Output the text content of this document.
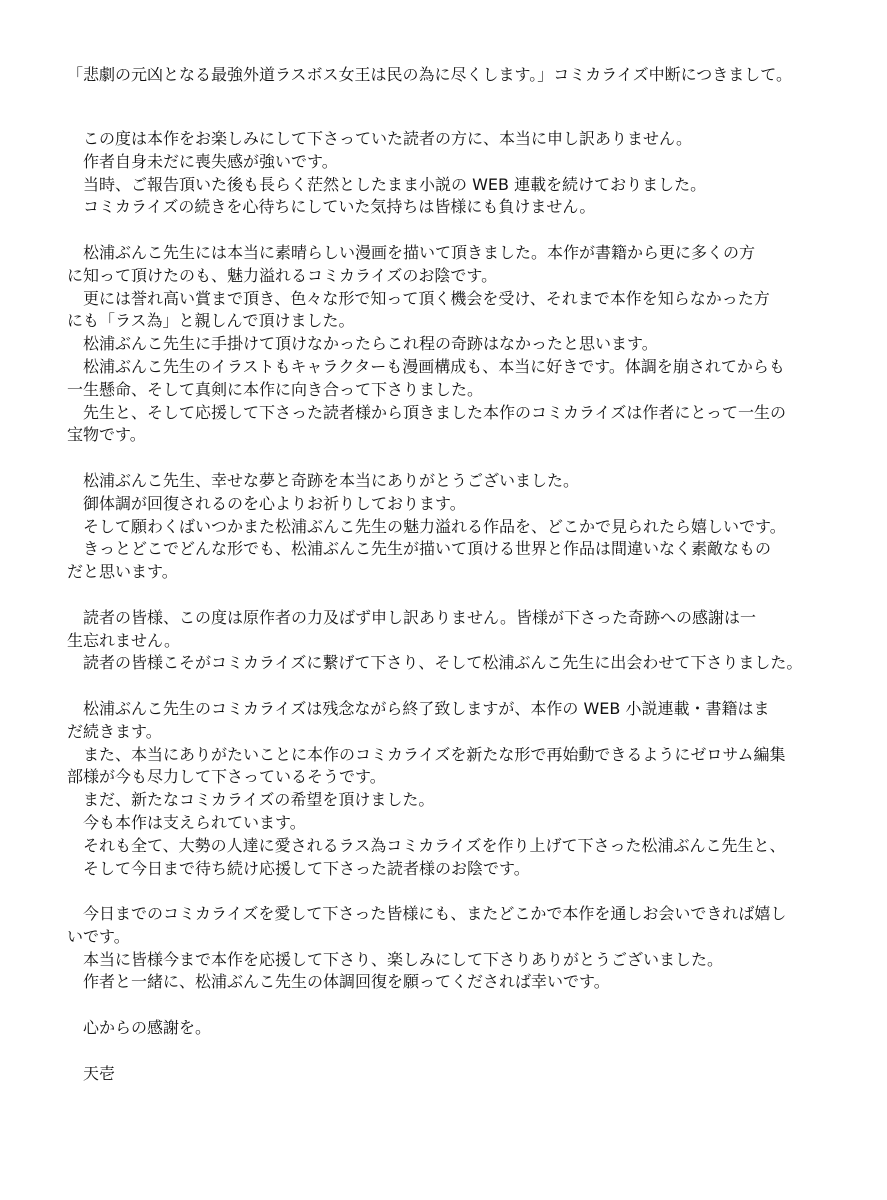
「悲劇の元凶となる最強外道ラスボス女王は民の為に尽くします。」コミカライズ中断につきまして。
　この度は本作をお楽しみにして下さっていた読者の方に、本当に申し訳ありません。
　作者自身未だに喪失感が強いです。
　当時、ご報告頂いた後も長らく茫然としたまま小説の WEB 連載を続けておりました。
　コミカライズの続きを心待ちにしていた気持ちは皆様にも負けません。
　松浦ぶんこ先生には本当に素晴らしい漫画を描いて頂きました。本作が書籍から更に多くの方
に知って頂けたのも、魅力溢れるコミカライズのお陰です。
　更には誉れ高い賞まで頂き、色々な形で知って頂く機会を受け、それまで本作を知らなかった方
にも「ラス為」と親しんで頂けました。
　松浦ぶんこ先生に手掛けて頂けなかったらこれ程の奇跡はなかったと思います。
　松浦ぶんこ先生のイラストもキャラクターも漫画構成も、本当に好きです。体調を崩されてからも
一生懸命、そして真剣に本作に向き合って下さりました。
　先生と、そして応援して下さった読者様から頂きました本作のコミカライズは作者にとって一生の
宝物です。
　松浦ぶんこ先生、幸せな夢と奇跡を本当にありがとうございました。
　御体調が回復されるのを心よりお祈りしております。
　そして願わくばいつかまた松浦ぶんこ先生の魅力溢れる作品を、どこかで見られたら嬉しいです。
　きっとどこでどんな形でも、松浦ぶんこ先生が描いて頂ける世界と作品は間違いなく素敵なもの
だと思います。
　読者の皆様、この度は原作者の力及ばず申し訳ありません。皆様が下さった奇跡への感謝は一
生忘れません。
　読者の皆様こそがコミカライズに繋げて下さり、そして松浦ぶんこ先生に出会わせて下さりました。
　松浦ぶんこ先生のコミカライズは残念ながら終了致しますが、本作の WEB 小説連載・書籍はま
だ続きます。
　また、本当にありがたいことに本作のコミカライズを新たな形で再始動できるようにゼロサム編集
部様が今も尽力して下さっているそうです。
　まだ、新たなコミカライズの希望を頂けました。
　今も本作は支えられています。
　それも全て、大勢の人達に愛されるラス為コミカライズを作り上げて下さった松浦ぶんこ先生と、
　そして今日まで待ち続け応援して下さった読者様のお陰です。
　今日までのコミカライズを愛して下さった皆様にも、またどこかで本作を通しお会いできれば嬉し
いです。
　本当に皆様今まで本作を応援して下さり、楽しみにして下さりありがとうございました。
　作者と一緒に、松浦ぶんこ先生の体調回復を願ってくだされば幸いです。
　心からの感謝を。
　天壱
